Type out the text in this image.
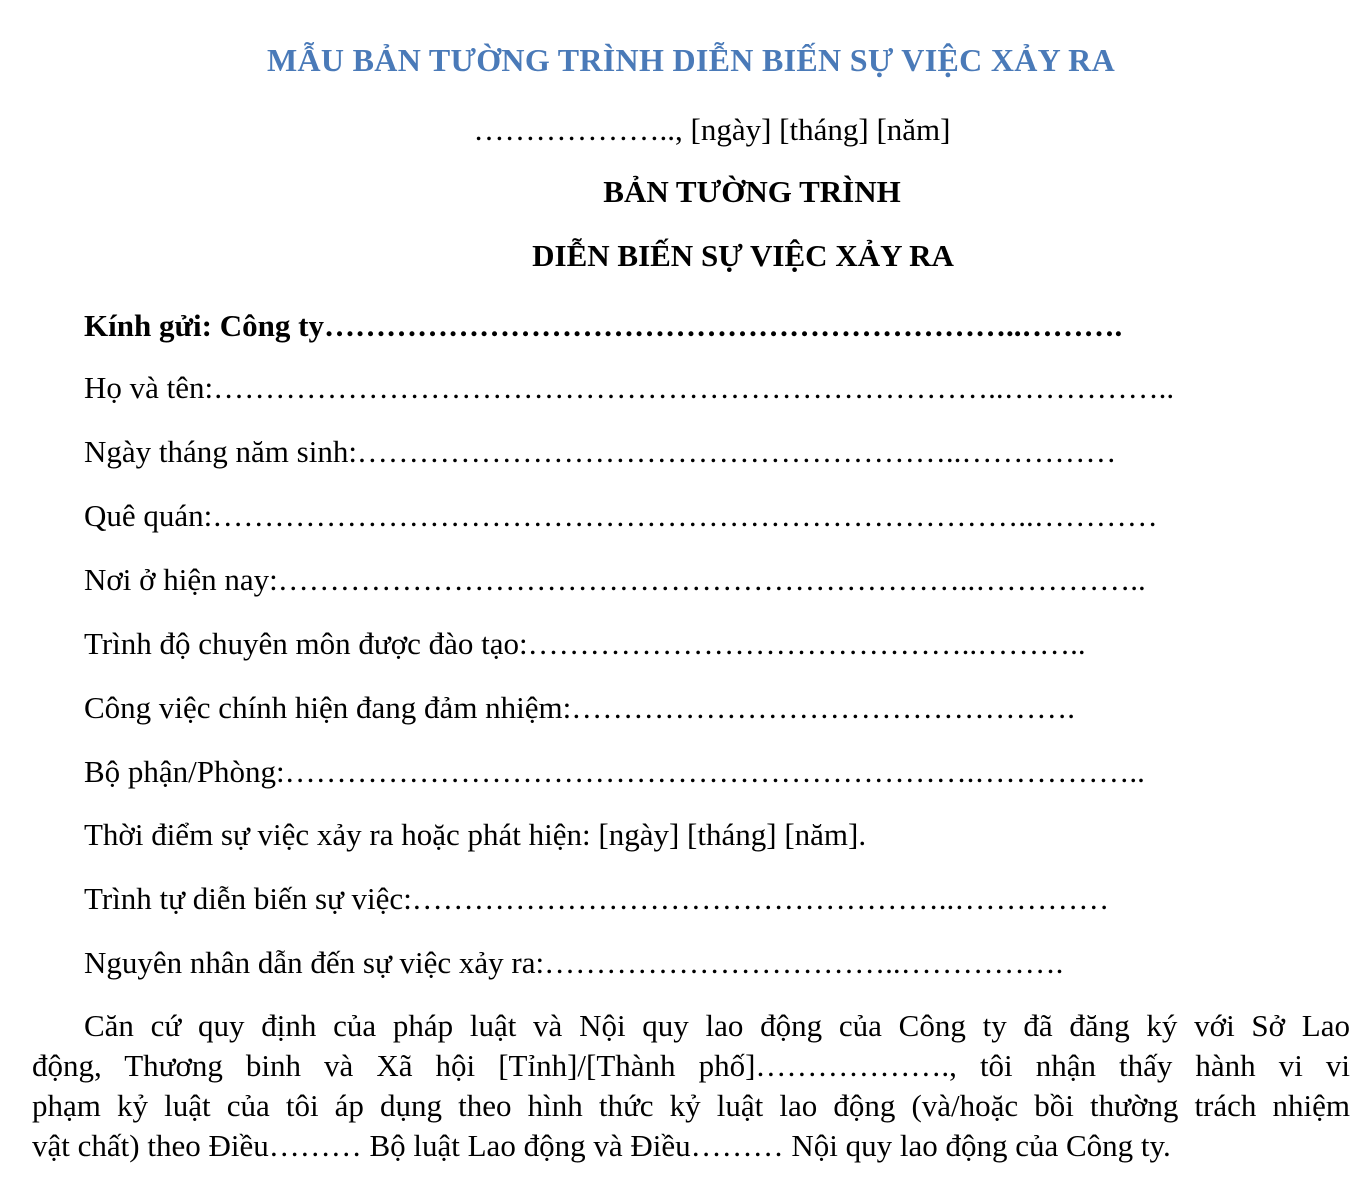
MẪU BẢN TƯỜNG TRÌNH DIỄN BIẾN SỰ VIỆC XẢY RA
……………….., [ngày] [tháng] [năm]
BẢN TƯỜNG TRÌNH
DIỄN BIẾN SỰ VIỆC XẢY RA
Kính gửi: Công ty…………………………………………………………..……….
Họ và tên:…………………………………………………………………..……………..
Ngày tháng năm sinh:…………………………………………………..……………
Quê quán:……………………………………………………………………..…………
Nơi ở hiện nay:…………………………………………………………..……………..
Trình độ chuyên môn được đào tạo:……………………………………..………..
Công việc chính hiện đang đảm nhiệm:………………………………………….
Bộ phận/Phòng:………………………………………………………….……………..
Thời điểm sự việc xảy ra hoặc phát hiện: [ngày] [tháng] [năm].
Trình tự diễn biến sự việc:……………………………………………..……………
Nguyên nhân dẫn đến sự việc xảy ra:……………………………..…………….
Căn cứ quy định của pháp luật và Nội quy lao động của Công ty đã đăng ký với Sở Lao
động, Thương binh và Xã hội [Tỉnh]/[Thành phố]………………., tôi nhận thấy hành vi vi
phạm kỷ luật của tôi áp dụng theo hình thức kỷ luật lao động (và/hoặc bồi thường trách nhiệm
vật chất) theo Điều……… Bộ luật Lao động và Điều……… Nội quy lao động của Công ty.
